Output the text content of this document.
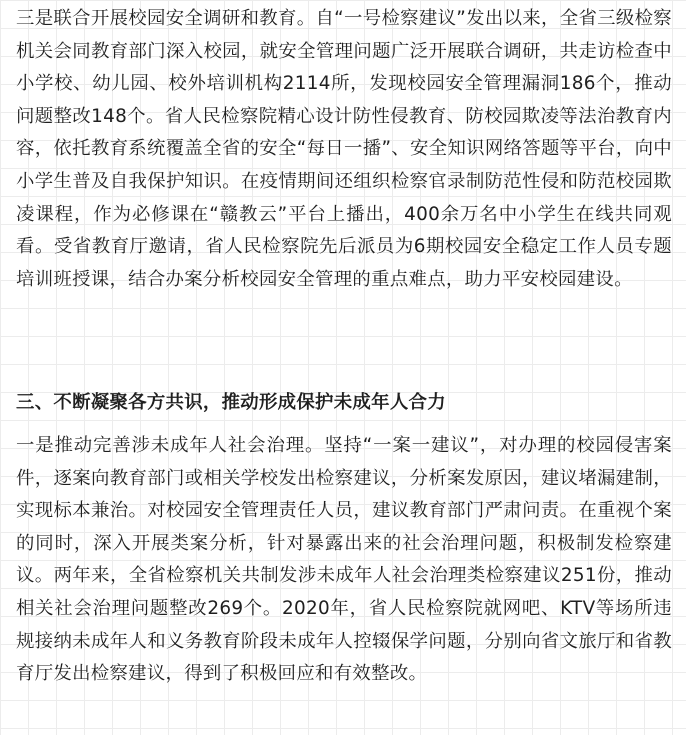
三是联合开展校园安全调研和教育。自“一号检察建议”发出以来，全省三级检察机关会同教育部门深入校园，就安全管理问题广泛开展联合调研，共走访检查中小学校、幼儿园、校外培训机构2114所，发现校园安全管理漏洞186个，推动问题整改148个。省人民检察院精心设计防性侵教育、防校园欺凌等法治教育内容，依托教育系统覆盖全省的安全“每日一播”、安全知识网络答题等平台，向中小学生普及自我保护知识。在疫情期间还组织检察官录制防范性侵和防范校园欺凌课程，作为必修课在“赣教云”平台上播出，400余万名中小学生在线共同观看。受省教育厅邀请，省人民检察院先后派员为6期校园安全稳定工作人员专题培训班授课，结合办案分析校园安全管理的重点难点，助力平安校园建设。

三、不断凝聚各方共识，推动形成保护未成年人合力

一是推动完善涉未成年人社会治理。坚持“一案一建议”，对办理的校园侵害案件，逐案向教育部门或相关学校发出检察建议，分析案发原因，建议堵漏建制，实现标本兼治。对校园安全管理责任人员，建议教育部门严肃问责。在重视个案的同时，深入开展类案分析，针对暴露出来的社会治理问题，积极制发检察建议。两年来，全省检察机关共制发涉未成年人社会治理类检察建议251份，推动相关社会治理问题整改269个。2020年，省人民检察院就网吧、KTV等场所违规接纳未成年人和义务教育阶段未成年人控辍保学问题，分别向省文旅厅和省教育厅发出检察建议，得到了积极回应和有效整改。
